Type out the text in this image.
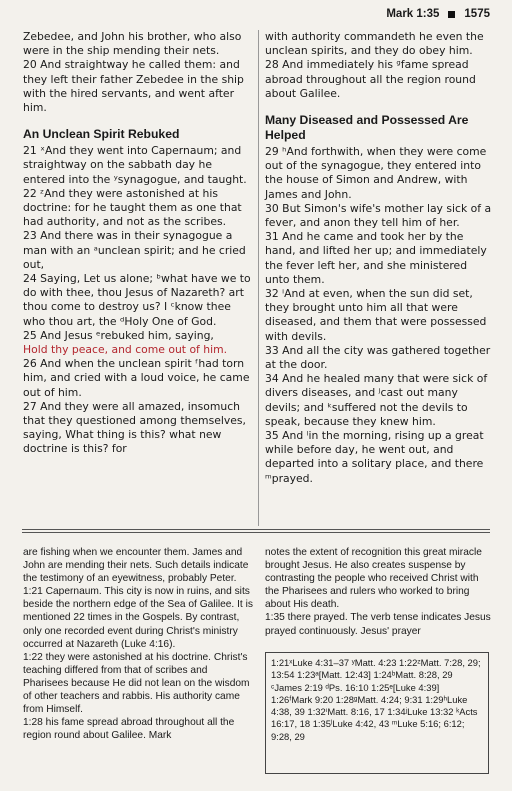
Mark 1:35 1575

Zebedee, and John his brother, who also were in the ship mending their nets.

20 And straightway he called them: and they left their father Zebedee in the ship with the hired servants, and went after him.

An Unclean Spirit Rebuked

21 ˣAnd they went into Capernaum; and straightway on the sabbath day he entered into the ʸsynagogue, and taught.

22 ᶻAnd they were astonished at his doctrine: for he taught them as one that had authority, and not as the scribes.

23 And there was in their synagogue a man with an ᵃunclean spirit; and he cried out,

24 Saying, Let us alone; ᵇwhat have we to do with thee, thou Jesus of Nazareth? art thou come to destroy us? I ᶜknow thee who thou art, the ᵈHoly One of God.

25 And Jesus ᵉrebuked him, saying,

Hold thy peace, and come out of him.

26 And when the unclean spirit ᶠhad torn him, and cried with a loud voice, he came out of him.

27 And they were all amazed, insomuch that they questioned among themselves, saying, What thing is this? what new doctrine is this? for

with authority commandeth he even the unclean spirits, and they do obey him.

28 And immediately his ᵍfame spread abroad throughout all the region round about Galilee.

Many Diseased and Possessed Are Helped

29 ʰAnd forthwith, when they were come out of the synagogue, they entered into the house of Simon and Andrew, with James and John.

30 But Simon's wife's mother lay sick of a fever, and anon they tell him of her.

31 And he came and took her by the hand, and lifted her up; and immediately the fever left her, and she ministered unto them.

32 ⁱAnd at even, when the sun did set, they brought unto him all that were diseased, and them that were possessed with devils.

33 And all the city was gathered together at the door.

34 And he healed many that were sick of divers diseases, and ʲcast out many devils; and ᵏsuffered not the devils to speak, because they knew him.

35 And ˡin the morning, rising up a great while before day, he went out, and departed into a solitary place, and there ᵐprayed.

are fishing when we encounter them. James and John are mending their nets. Such details indicate the testimony of an eyewitness, probably Peter.

1:21 Capernaum. This city is now in ruins, and sits beside the northern edge of the Sea of Galilee. It is mentioned 22 times in the Gospels. By contrast, only one recorded event during Christ's ministry occurred at Nazareth (Luke 4:16).

1:22 they were astonished at his doctrine. Christ's teaching differed from that of scribes and Pharisees because He did not lean on the wisdom of other teachers and rabbis. His authority came from Himself.

1:28 his fame spread abroad throughout all the region round about Galilee. Mark

notes the extent of recognition this great miracle brought Jesus. He also creates suspense by contrasting the people who received Christ with the Pharisees and rulers who worked to bring about His death.

1:35 there prayed. The verb tense indicates Jesus prayed continuously. Jesus' prayer

1:21ˣLuke 4:31–37 ʸMatt. 4:23 1:22ᶻMatt. 7:28, 29; 13:54 1:23ᵃ[Matt. 12:43] 1:24ᵇMatt. 8:28, 29 ᶜJames 2:19 ᵈPs. 16:10 1:25ᵉ[Luke 4:39] 1:26ᶠMark 9:20 1:28ᵍMatt. 4:24; 9:31 1:29ʰLuke 4:38, 39 1:32ⁱMatt. 8:16, 17 1:34ʲLuke 13:32 ᵏActs 16:17, 18 1:35ˡLuke 4:42, 43 ᵐLuke 5:16; 6:12; 9:28, 29
